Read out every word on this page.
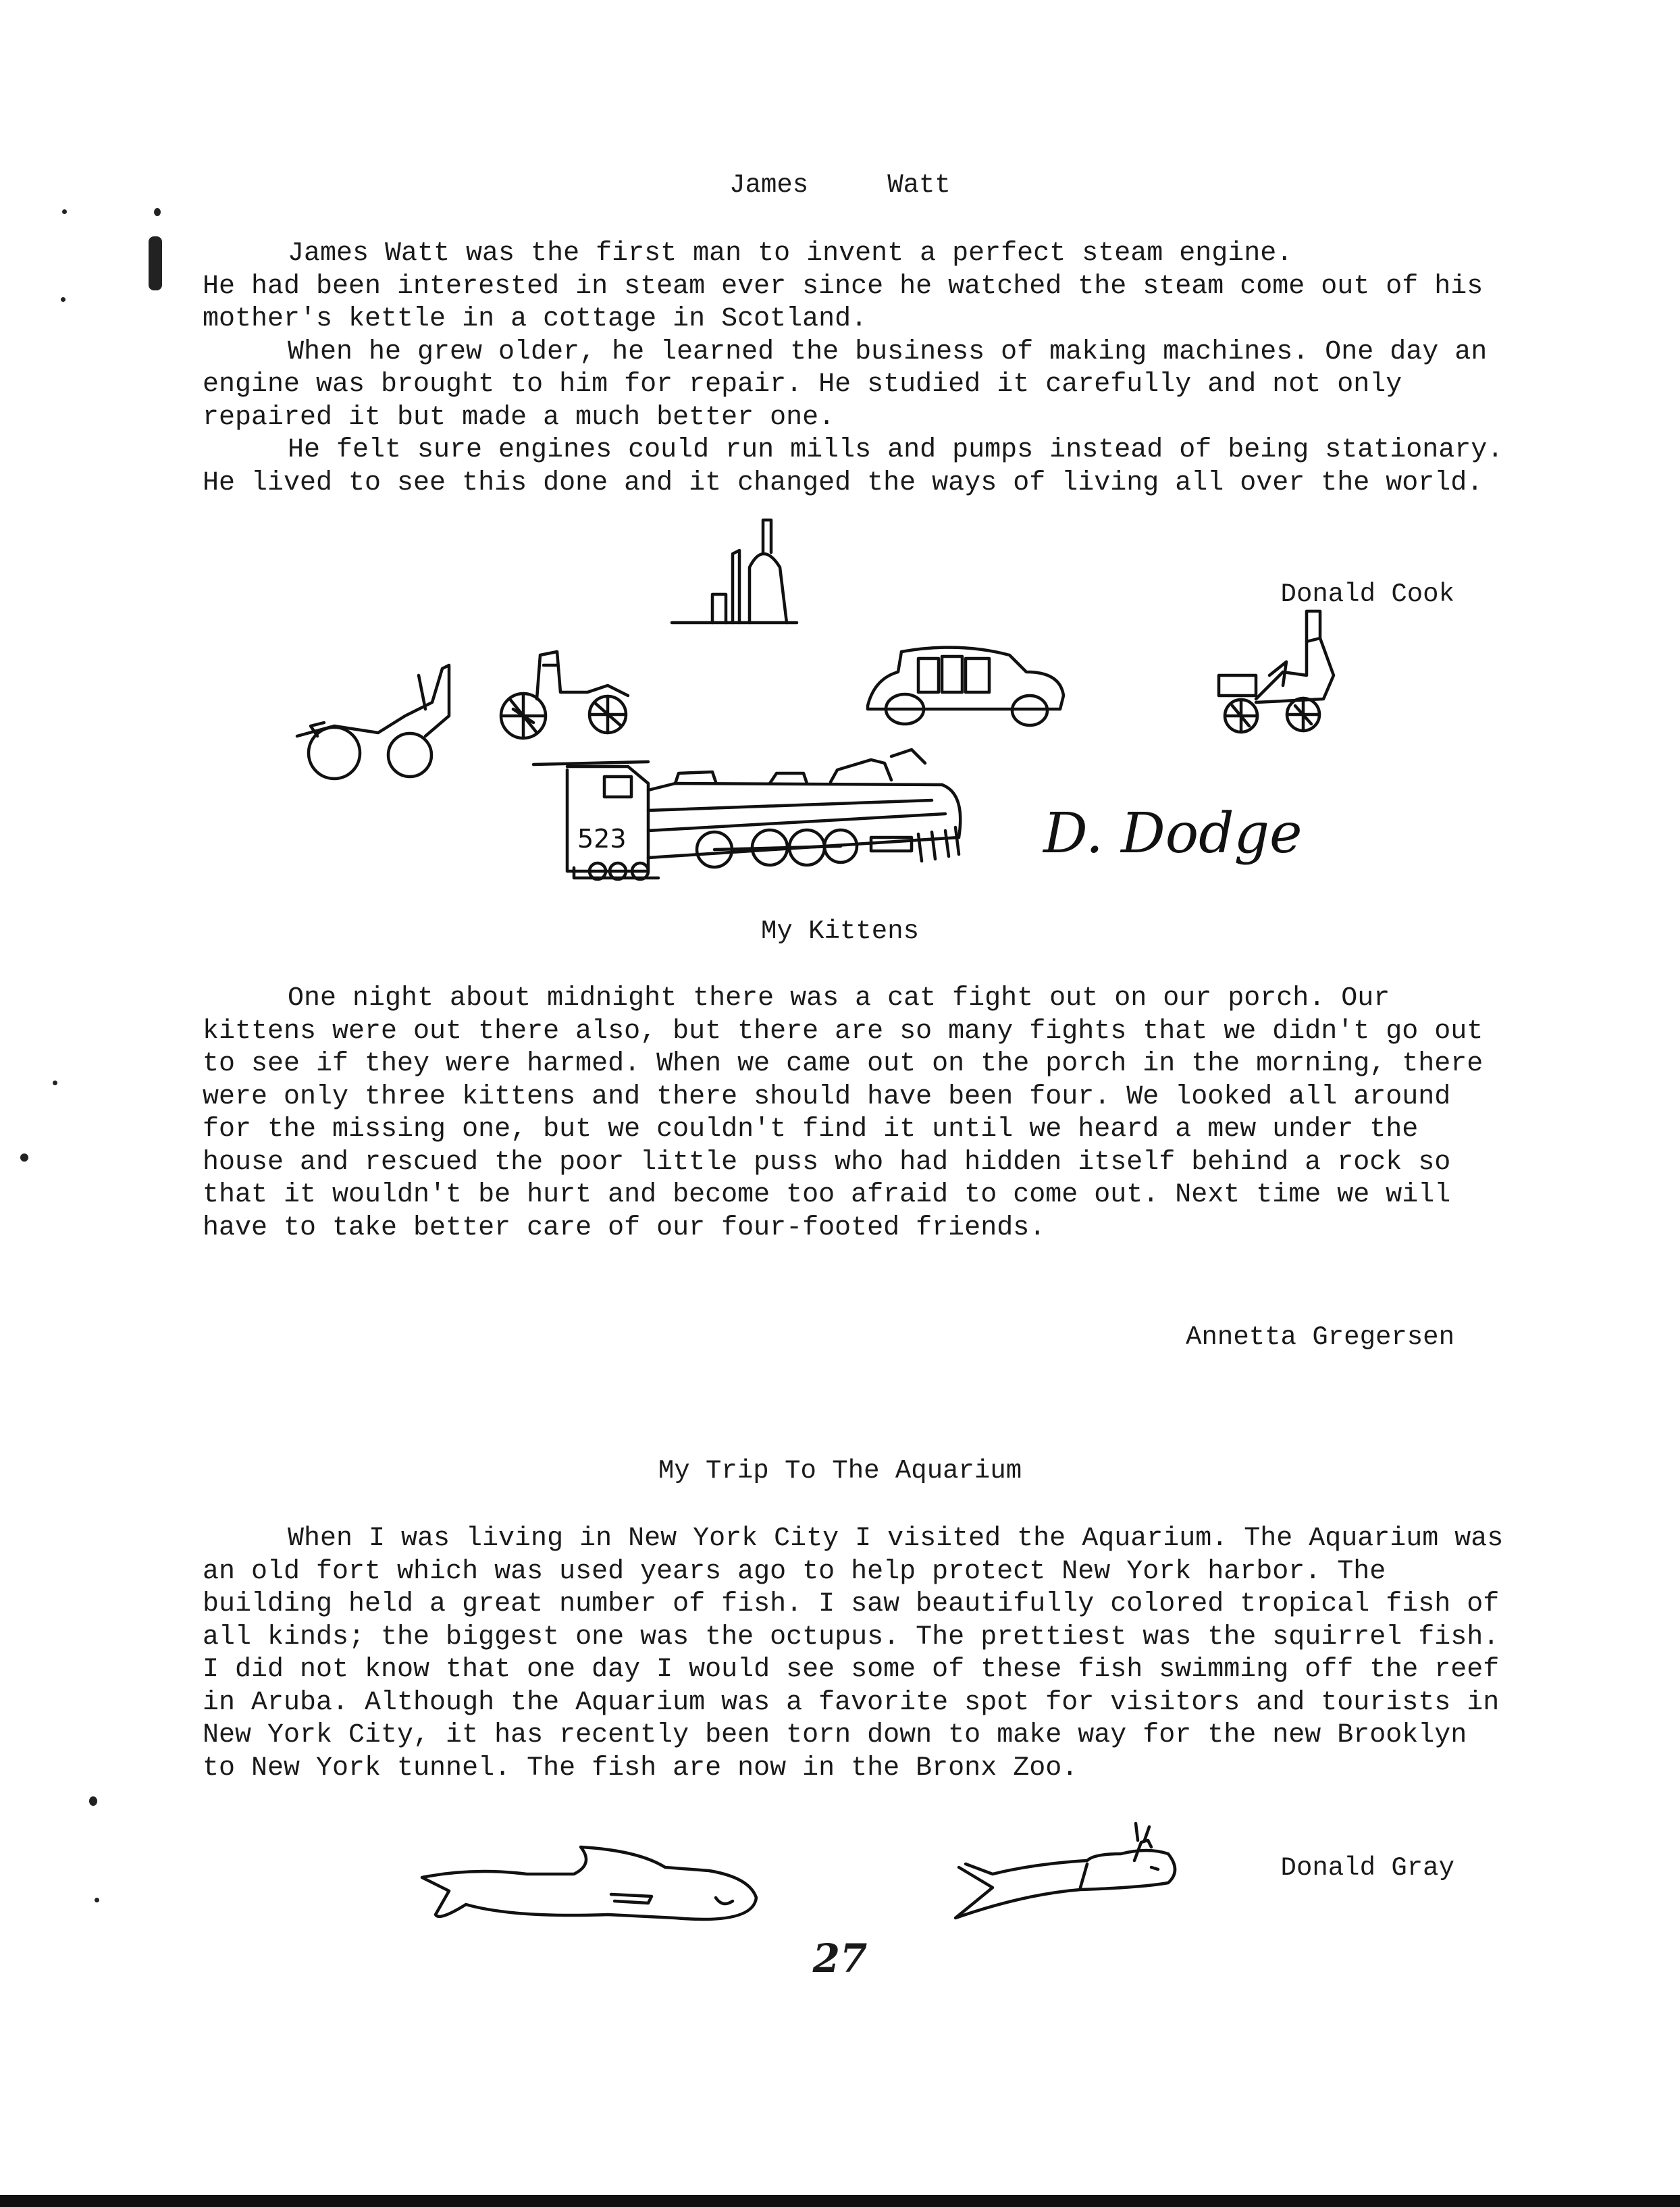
James     Watt

James Watt was the first man to invent a perfect steam engine.

He had been interested in steam ever since he watched the steam come out of his mother's kettle in a cottage in Scotland.

When he grew older, he learned the business of making machines. One day an engine was brought to him for repair. He studied it carefully and not only repaired it but made a much better one.

He felt sure engines could run mills and pumps instead of being stationary. He lived to see this done and it changed the ways of living all over the world.

Donald Cook
523	D. Dodge
My Kittens

One night about midnight there was a cat fight out on our porch. Our kittens were out there also, but there are so many fights that we didn't go out to see if they were harmed. When we came out on the porch in the morning, there were only three kittens and there should have been four. We looked all around for the missing one, but we couldn't find it until we heard a mew under the house and rescued the poor little puss who had hidden itself behind a rock so that it wouldn't be hurt and become too afraid to come out. Next time we will have to take better care of our four-footed friends.

Annetta Gregersen
My Trip To The Aquarium

When I was living in New York City I visited the Aquarium. The Aquarium was an old fort which was used years ago to help protect New York harbor. The building held a great number of fish. I saw beautifully colored tropical fish of all kinds; the biggest one was the octupus. The prettiest was the squirrel fish. I did not know that one day I would see some of these fish swimming off the reef in Aruba. Although the Aquarium was a favorite spot for visitors and tourists in New York City, it has recently been torn down to make way for the new Brooklyn to New York tunnel. The fish are now in the Bronx Zoo.

Donald Gray
27
